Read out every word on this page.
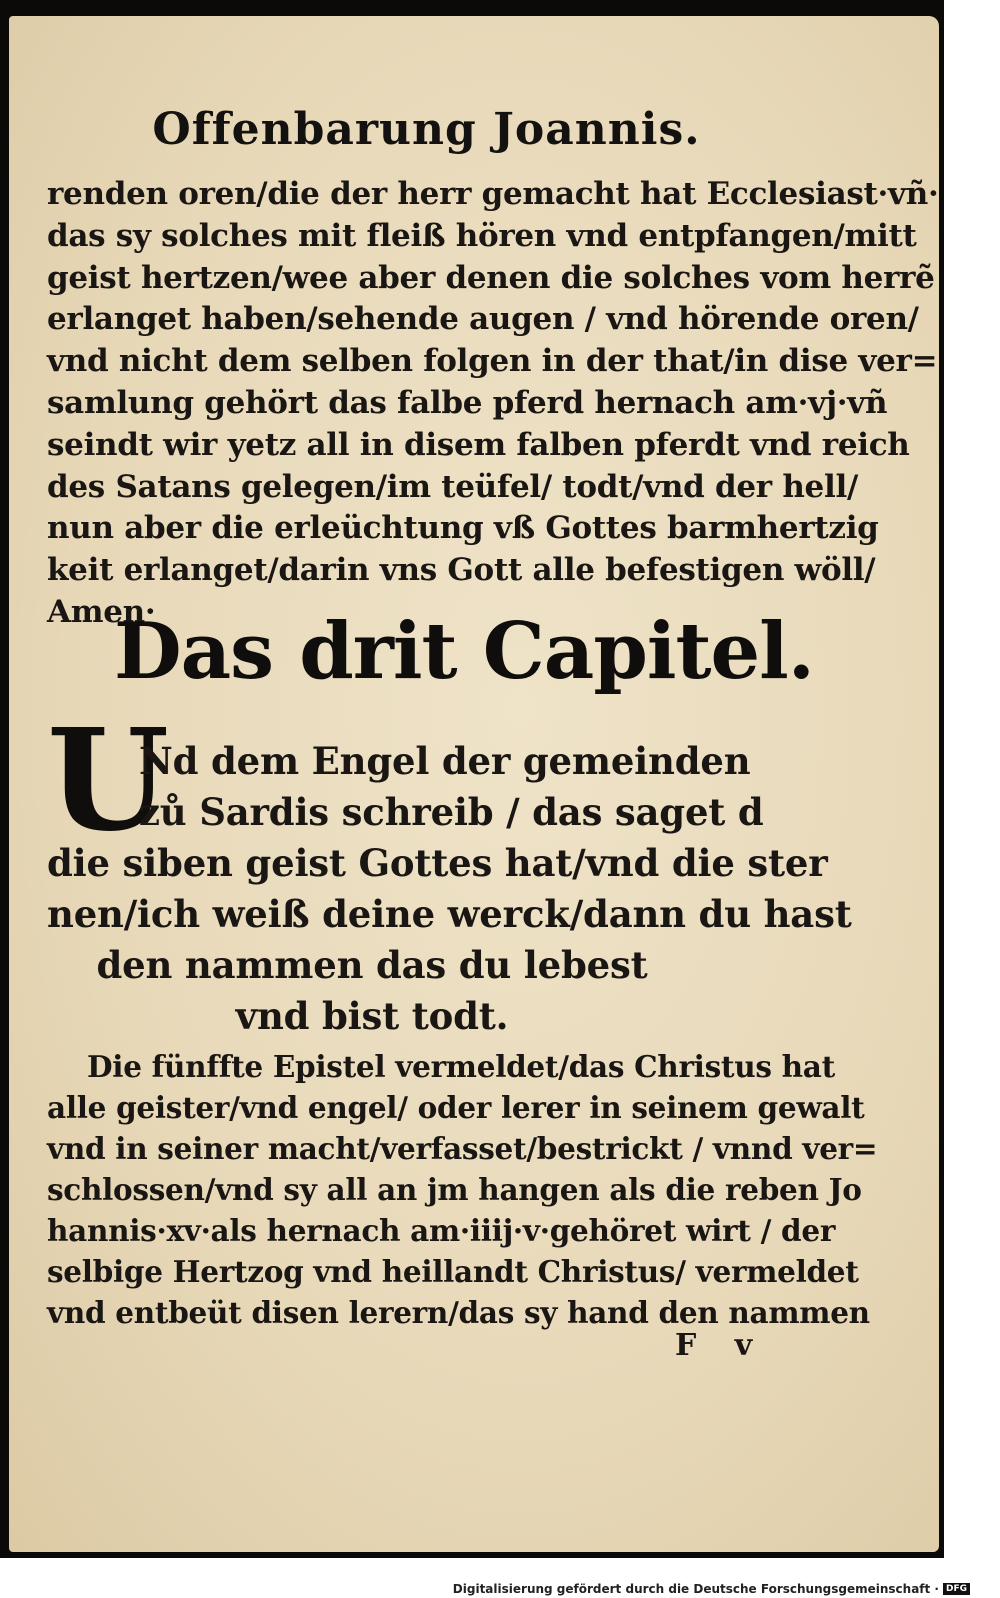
Offenbarung Joannis.
renden oren/die der herr gemacht hat Ecclesiast·vñ·
das sy solches mit fleiß hören vnd entpfangen/mitt
geist hertzen/wee aber denen die solches vom herrẽ
erlanget haben/sehende augen / vnd hörende oren/
vnd nicht dem selben folgen in der that/in dise ver=
samlung gehört das falbe pferd hernach am·vj·vñ
seindt wir yetz all in disem falben pferdt vnd reich
des Satans gelegen/im teüfel/ todt/vnd der hell/
nun aber die erleüchtung vß Gottes barmhertzig
keit erlanget/darin vns Gott alle befestigen wöll/
Amen·
Das drit Capitel.
U
Nd dem Engel der gemeinden
zů Sardis schreib / das saget d
die siben geist Gottes hat/vnd die ster
nen/ich weiß deine werck/dann du hast
den nammen das du lebest
vnd bist todt.
Die fünffte Epistel vermeldet/das Christus hat
alle geister/vnd engel/ oder lerer in seinem gewalt
vnd in seiner macht/verfasset/bestrickt / vnnd ver=
schlossen/vnd sy all an jm hangen als die reben Jo
hannis·xv·als hernach am·iiij·v·gehöret wirt / der
selbige Hertzog vnd heillandt Christus/ vermeldet
vnd entbeüt disen lerern/das sy hand den nammen
F v
Digitalisierung gefördert durch die Deutsche Forschungsgemeinschaft · DFG
